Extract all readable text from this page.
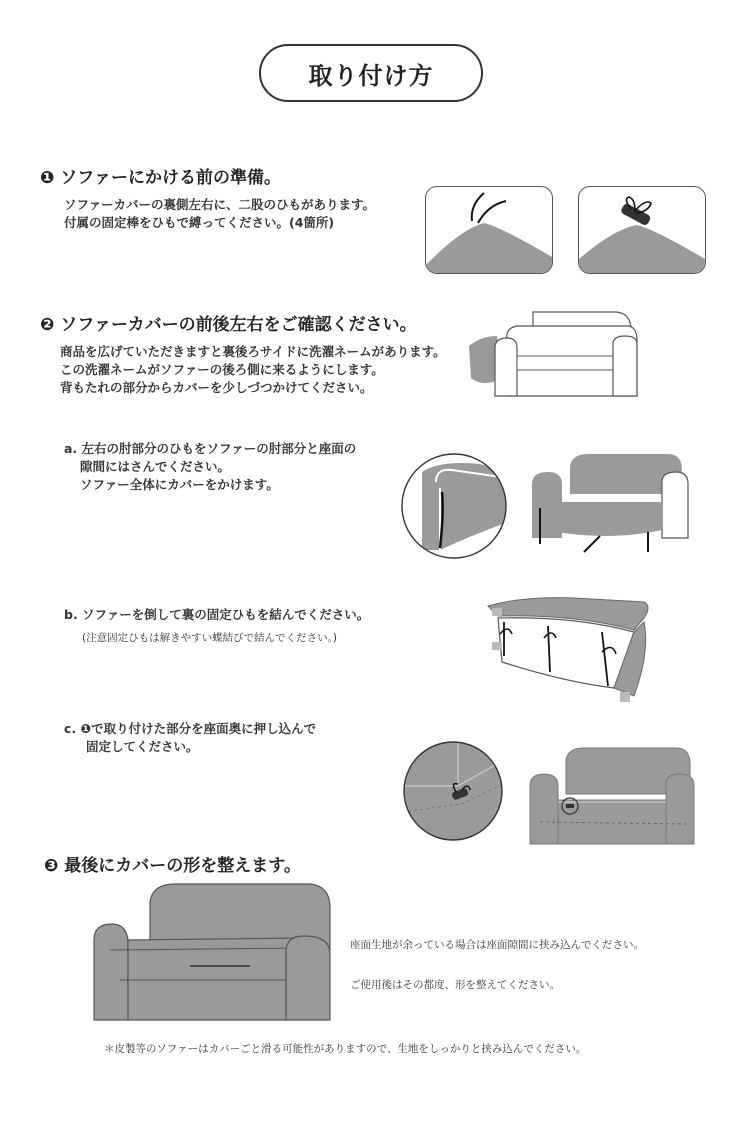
取り付け方
❶ ソファーにかける前の準備。
ソファーカバーの裏側左右に、二股のひもがあります。
付属の固定棒をひもで縛ってください。(4箇所)
❷ ソファーカバーの前後左右をご確認ください。
商品を広げていただきますと裏後ろサイドに洗濯ネームがあります。
この洗濯ネームがソファーの後ろ側に来るようにします。
背もたれの部分からカバーを少しづつかけてください。
a. 左右の肘部分のひもをソファーの肘部分と座面の
隙間にはさんでください。
ソファー全体にカバーをかけます。
b. ソファーを倒して裏の固定ひもを結んでください。
(注意固定ひもは解きやすい蝶結びで結んでください。)
c. ❶で取り付けた部分を座面奥に押し込んで
固定してください。
❸ 最後にカバーの形を整えます。
座面生地が余っている場合は座面隙間に挟み込んでください。
ご使用後はその都度、形を整えてください。
＊皮製等のソファーはカバーごと滑る可能性がありますので、生地をしっかりと挟み込んでください。
